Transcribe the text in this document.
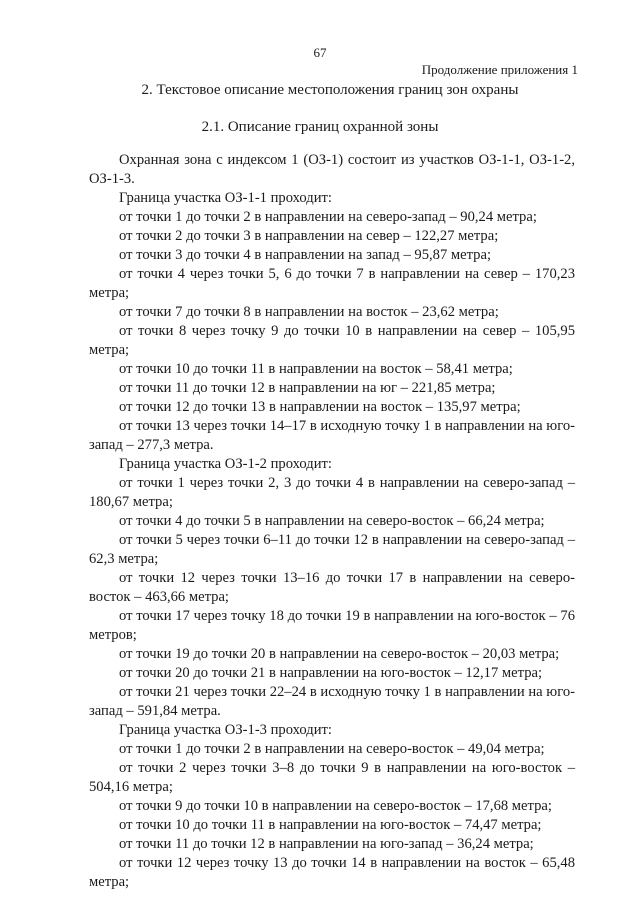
67
Продолжение приложения 1
2. Текстовое описание местоположения границ зон охраны
2.1. Описание границ охранной зоны

Охранная зона с индексом 1 (ОЗ-1) состоит из участков ОЗ-1-1, ОЗ-1-2, ОЗ-1-3.

Граница участка ОЗ-1-1 проходит:

от точки 1 до точки 2 в направлении на северо-запад – 90,24 метра;

от точки 2 до точки 3 в направлении на север – 122,27 метра;

от точки 3 до точки 4 в направлении на запад – 95,87 метра;

от точки 4 через точки 5, 6 до точки 7 в направлении на север – 170,23 метра;

от точки 7 до точки 8 в направлении на восток – 23,62 метра;

от точки 8 через точку 9 до точки 10 в направлении на север – 105,95 метра;

от точки 10 до точки 11 в направлении на восток – 58,41 метра;

от точки 11 до точки 12 в направлении на юг – 221,85 метра;

от точки 12 до точки 13 в направлении на восток – 135,97 метра;

от точки 13 через точки 14–17 в исходную точку 1 в направлении на юго-запад – 277,3 метра.

Граница участка ОЗ-1-2 проходит:

от точки 1 через точки 2, 3 до точки 4 в направлении на северо-запад – 180,67 метра;

от точки 4 до точки 5 в направлении на северо-восток – 66,24 метра;

от точки 5 через точки 6–11 до точки 12 в направлении на северо-запад – 62,3 метра;

от точки 12 через точки 13–16 до точки 17 в направлении на северо-восток – 463,66 метра;

от точки 17 через точку 18 до точки 19 в направлении на юго-восток – 76 метров;

от точки 19 до точки 20 в направлении на северо-восток – 20,03 метра;

от точки 20 до точки 21 в направлении на юго-восток – 12,17 метра;

от точки 21 через точки 22–24 в исходную точку 1 в направлении на юго-запад – 591,84 метра.

Граница участка ОЗ-1-3 проходит:

от точки 1 до точки 2 в направлении на северо-восток – 49,04 метра;

от точки 2 через точки 3–8 до точки 9 в направлении на юго-восток – 504,16 метра;

от точки 9 до точки 10 в направлении на северо-восток – 17,68 метра;

от точки 10 до точки 11 в направлении на юго-восток – 74,47 метра;

от точки 11 до точки 12 в направлении на юго-запад – 36,24 метра;

от точки 12 через точку 13 до точки 14 в направлении на восток – 65,48 метра;
